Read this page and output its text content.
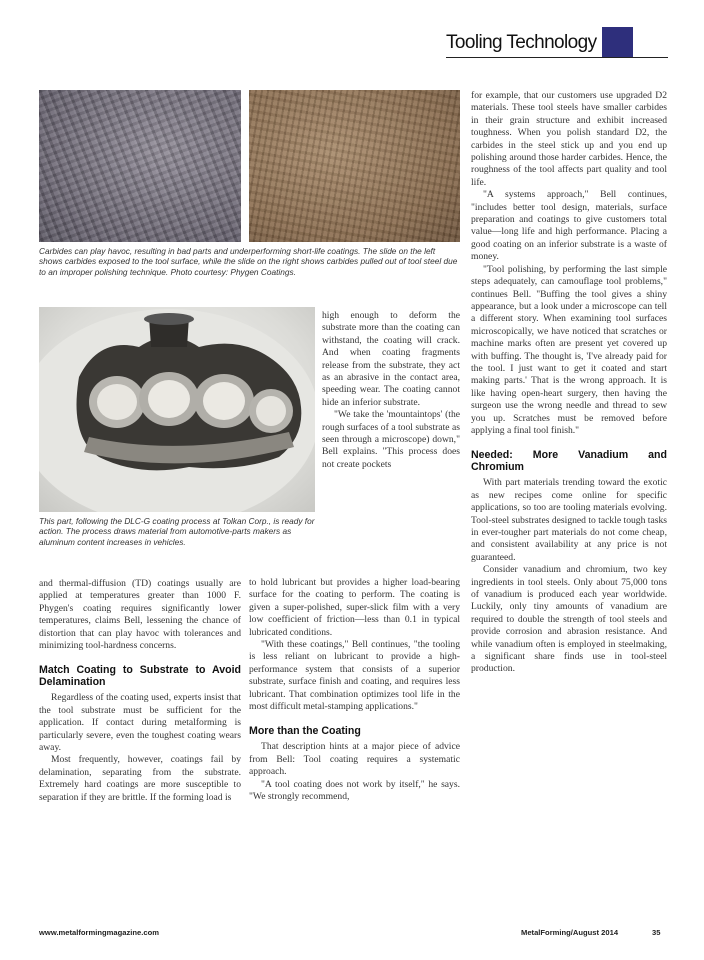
Tooling Technology

Carbides can play havoc, resulting in bad parts and underperforming short-life coatings. The slide on the left shows carbides exposed to the tool surface, while the slide on the right shows carbides pulled out of tool steel due to an improper polishing technique. Photo courtesy: Phygen Coatings.

This part, following the DLC-G coating process at Tolkan Corp., is ready for action. The process draws material from automotive-parts makers as aluminum content increases in vehicles.

and thermal-diffusion (TD) coatings usually are applied at temperatures greater than 1000 F. Phygen's coating requires significantly lower temperatures, claims Bell, lessening the chance of distortion that can play havoc with tolerances and minimizing tool-hardness concerns.

Match Coating to Substrate to Avoid Delamination

Regardless of the coating used, experts insist that the tool substrate must be sufficient for the application. If contact during metalforming is particularly severe, even the toughest coating wears away.

Most frequently, however, coatings fail by delamination, separating from the substrate. Extremely hard coatings are more susceptible to separation if they are brittle. If the forming load is

high enough to deform the substrate more than the coating can withstand, the coating will crack. And when coating fragments release from the substrate, they act as an abrasive in the contact area, speeding wear. The coating cannot hide an inferior substrate.

"We take the 'mountaintops' (the rough surfaces of a tool substrate as seen through a microscope) down," Bell explains. "This process does not create pockets

to hold lubricant but provides a higher load-bearing surface for the coating to perform. The coating is given a super-polished, super-slick film with a very low coefficient of friction—less than 0.1 in typical lubricated conditions.

"With these coatings," Bell continues, "the tooling is less reliant on lubricant to provide a high-performance system that consists of a superior substrate, surface finish and coating, and requires less lubricant. That combination optimizes tool life in the most difficult metal-stamping applications."

More than the Coating

That description hints at a major piece of advice from Bell: Tool coating requires a systematic approach.

"A tool coating does not work by itself," he says. "We strongly recommend,

for example, that our customers use upgraded D2 materials. These tool steels have smaller carbides in their grain structure and exhibit increased toughness. When you polish standard D2, the carbides in the steel stick up and you end up polishing around those harder carbides. Hence, the roughness of the tool affects part quality and tool life.

"A systems approach," Bell continues, "includes better tool design, materials, surface preparation and coatings to give customers total value—long life and high performance. Placing a good coating on an inferior substrate is a waste of money.

"Tool polishing, by performing the last simple steps adequately, can camouflage tool problems," continues Bell. "Buffing the tool gives a shiny appearance, but a look under a microscope can tell a different story. When examining tool surfaces microscopically, we have noticed that scratches or machine marks often are present yet covered up with buffing. The thought is, 'I've already paid for the tool. I just want to get it coated and start making parts.' That is the wrong approach. It is like having open-heart surgery, then having the surgeon use the wrong needle and thread to sew you up. Scratches must be removed before applying a final tool finish."

Needed: More Vanadium and Chromium

With part materials trending toward the exotic as new recipes come online for specific applications, so too are tooling materials evolving. Tool-steel substrates designed to tackle tough tasks in ever-tougher part materials do not come cheap, and consistent availability at any price is not guaranteed.

Consider vanadium and chromium, two key ingredients in tool steels. Only about 75,000 tons of vanadium is produced each year worldwide. Luckily, only tiny amounts of vanadium are required to double the strength of tool steels and provide corrosion and abrasion resistance. And while vanadium often is employed in steelmaking, a significant share finds use in tool-steel production.

www.metalformingmagazine.com	MetalForming/August 2014	35
